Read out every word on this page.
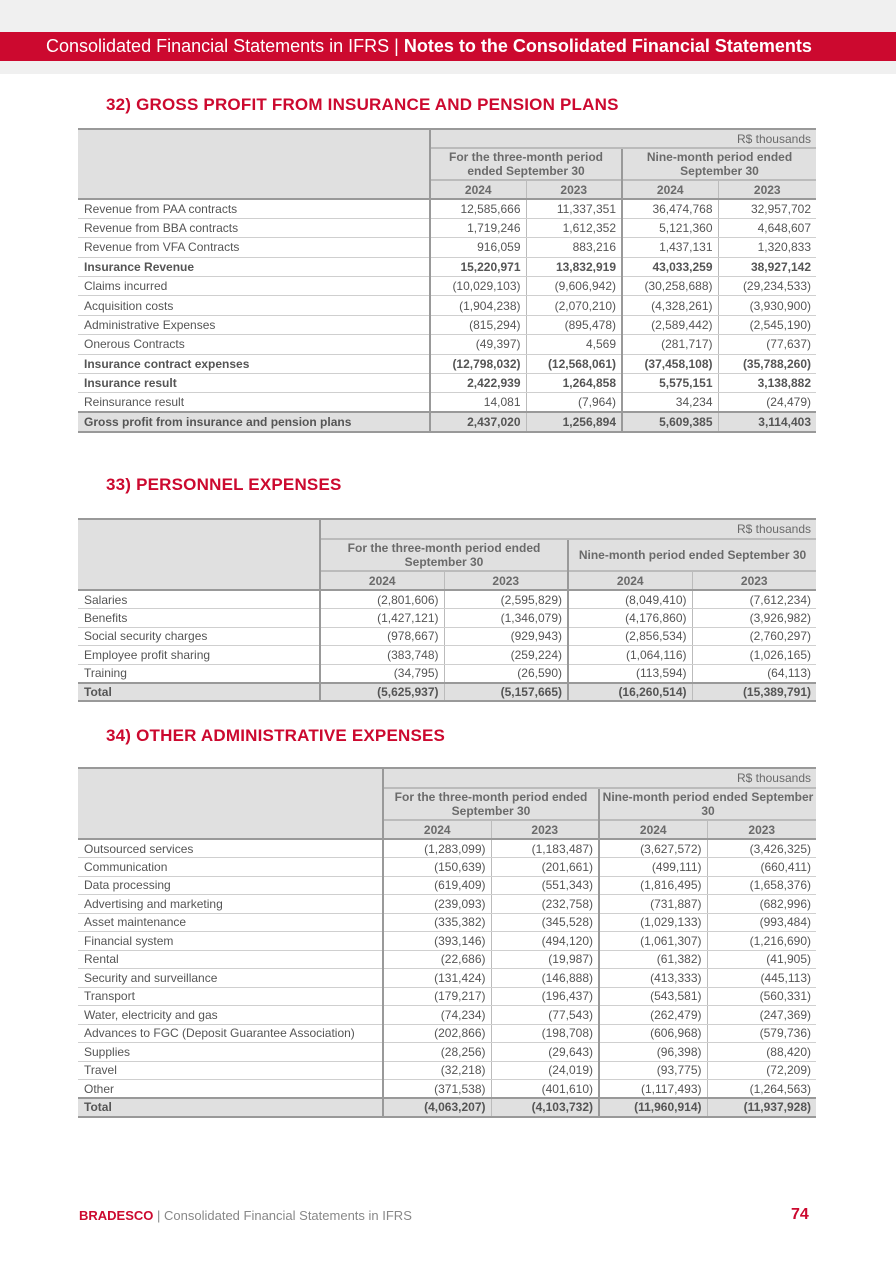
Consolidated Financial Statements in IFRS | Notes to the Consolidated Financial Statements
32) GROSS PROFIT FROM INSURANCE AND PENSION PLANS
	R$ thousands			
	For the three-month period ended September 30		Nine-month period ended September 30	
	2024	2023	2024	2023
Revenue from PAA contracts	12,585,666	11,337,351	36,474,768	32,957,702
Revenue from BBA contracts	1,719,246	1,612,352	5,121,360	4,648,607
Revenue from VFA Contracts	916,059	883,216	1,437,131	1,320,833
Insurance Revenue	15,220,971	13,832,919	43,033,259	38,927,142
Claims incurred	(10,029,103)	(9,606,942)	(30,258,688)	(29,234,533)
Acquisition costs	(1,904,238)	(2,070,210)	(4,328,261)	(3,930,900)
Administrative Expenses	(815,294)	(895,478)	(2,589,442)	(2,545,190)
Onerous Contracts	(49,397)	4,569	(281,717)	(77,637)
Insurance contract expenses	(12,798,032)	(12,568,061)	(37,458,108)	(35,788,260)
Insurance result	2,422,939	1,264,858	5,575,151	3,138,882
Reinsurance result	14,081	(7,964)	34,234	(24,479)
Gross profit from insurance and pension plans	2,437,020	1,256,894	5,609,385	3,114,403
33) PERSONNEL EXPENSES
	R$ thousands			
	For the three-month period ended September 30		Nine-month period ended September 30	
	2024	2023	2024	2023
Salaries	(2,801,606)	(2,595,829)	(8,049,410)	(7,612,234)
Benefits	(1,427,121)	(1,346,079)	(4,176,860)	(3,926,982)
Social security charges	(978,667)	(929,943)	(2,856,534)	(2,760,297)
Employee profit sharing	(383,748)	(259,224)	(1,064,116)	(1,026,165)
Training	(34,795)	(26,590)	(113,594)	(64,113)
Total	(5,625,937)	(5,157,665)	(16,260,514)	(15,389,791)
34) OTHER ADMINISTRATIVE EXPENSES
	R$ thousands			
	For the three-month period ended September 30		Nine-month period ended September 30	
	2024	2023	2024	2023
Outsourced services	(1,283,099)	(1,183,487)	(3,627,572)	(3,426,325)
Communication	(150,639)	(201,661)	(499,111)	(660,411)
Data processing	(619,409)	(551,343)	(1,816,495)	(1,658,376)
Advertising and marketing	(239,093)	(232,758)	(731,887)	(682,996)
Asset maintenance	(335,382)	(345,528)	(1,029,133)	(993,484)
Financial system	(393,146)	(494,120)	(1,061,307)	(1,216,690)
Rental	(22,686)	(19,987)	(61,382)	(41,905)
Security and surveillance	(131,424)	(146,888)	(413,333)	(445,113)
Transport	(179,217)	(196,437)	(543,581)	(560,331)
Water, electricity and gas	(74,234)	(77,543)	(262,479)	(247,369)
Advances to FGC (Deposit Guarantee Association)	(202,866)	(198,708)	(606,968)	(579,736)
Supplies	(28,256)	(29,643)	(96,398)	(88,420)
Travel	(32,218)	(24,019)	(93,775)	(72,209)
Other	(371,538)	(401,610)	(1,117,493)	(1,264,563)
Total	(4,063,207)	(4,103,732)	(11,960,914)	(11,937,928)
BRADESCO | Consolidated Financial Statements in IFRS	74
